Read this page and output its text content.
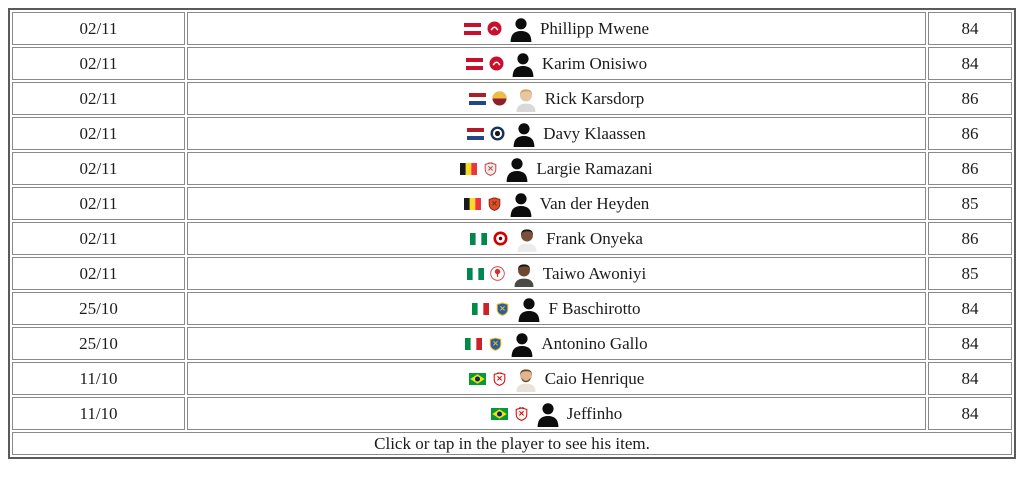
02/11	Phillipp Mwene	84
02/11	Karim Onisiwo	84
02/11	Rick Karsdorp	86
02/11	Davy Klaassen	86
02/11	Largie Ramazani	86
02/11	Van der Heyden	85
02/11	Frank Onyeka	86
02/11	Taiwo Awoniyi	85
25/10	F Baschirotto	84
25/10	Antonino Gallo	84
11/10	Caio Henrique	84
11/10	Jeffinho	84
Click or tap in the player to see his item.		
